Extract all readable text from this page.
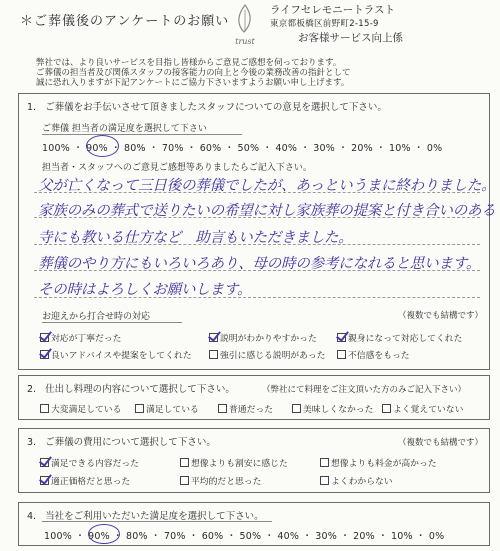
＊ご葬儀後のアンケートのお願い
trust
ライフセレモニートラスト
東京都板橋区前野町2-15-9
お客様サービス向上係
弊社では、より良いサービスを目指し皆様からご意見ご感想を伺っております。
ご葬儀の担当者及び関係スタッフの接客能力の向上と今後の業務改善の指針として
誠に恐れ入りますが下記アンケートにご協力下さいますようお願い申し上げます。
1. ご葬儀をお手伝いさせて頂きましたスタッフについての意見を選択して下さい。
ご葬儀 担当者の満足度を選択して下さい
100% ・ 90% ・ 80% ・ 70% ・ 60% ・ 50% ・ 40% ・ 30% ・ 20% ・ 10% ・ 0%
担当者・スタッフへのご意見ご感想等ありましたらご記入下さい。
父が亡くなって三日後の葬儀でしたが、あっというまに終わりました。
家族のみの葬式で送りたいの希望に対し家族葬の提案と付き合いのある
寺にも教いる仕方など　助言もいただきました。
葬儀のやり方にもいろいろあり、母の時の参考になれると思います。
その時はよろしくお願いします。
お迎えから打合せ時の対応	（複数でも結構です）
対応が丁寧だった	説明がわかりやすかった	親身になって対応してくれた
良いアドバイスや提案をしてくれた	強引に感じる説明があった	不信感をもった
2. 仕出し料理の内容について選択して下さい。	（弊社にて料理をご注文頂いた方のみご記入下さい）
大変満足している	満足している	普通だった	美味しくなかった	よく覚えていない
3. ご葬儀の費用について選択して下さい。	（複数でも結構です）
満足できる内容だった	想像よりも割安に感じた	想像よりも料金が高かった
適正価格だと思った	平均的だと思った	よくわからない
4. 当社をご利用いただいた満足度を選択して下さい。
100% ・ 90% ・ 80% ・ 70% ・ 60% ・ 50% ・ 40% ・ 30% ・ 20% ・ 10% ・ 0%
